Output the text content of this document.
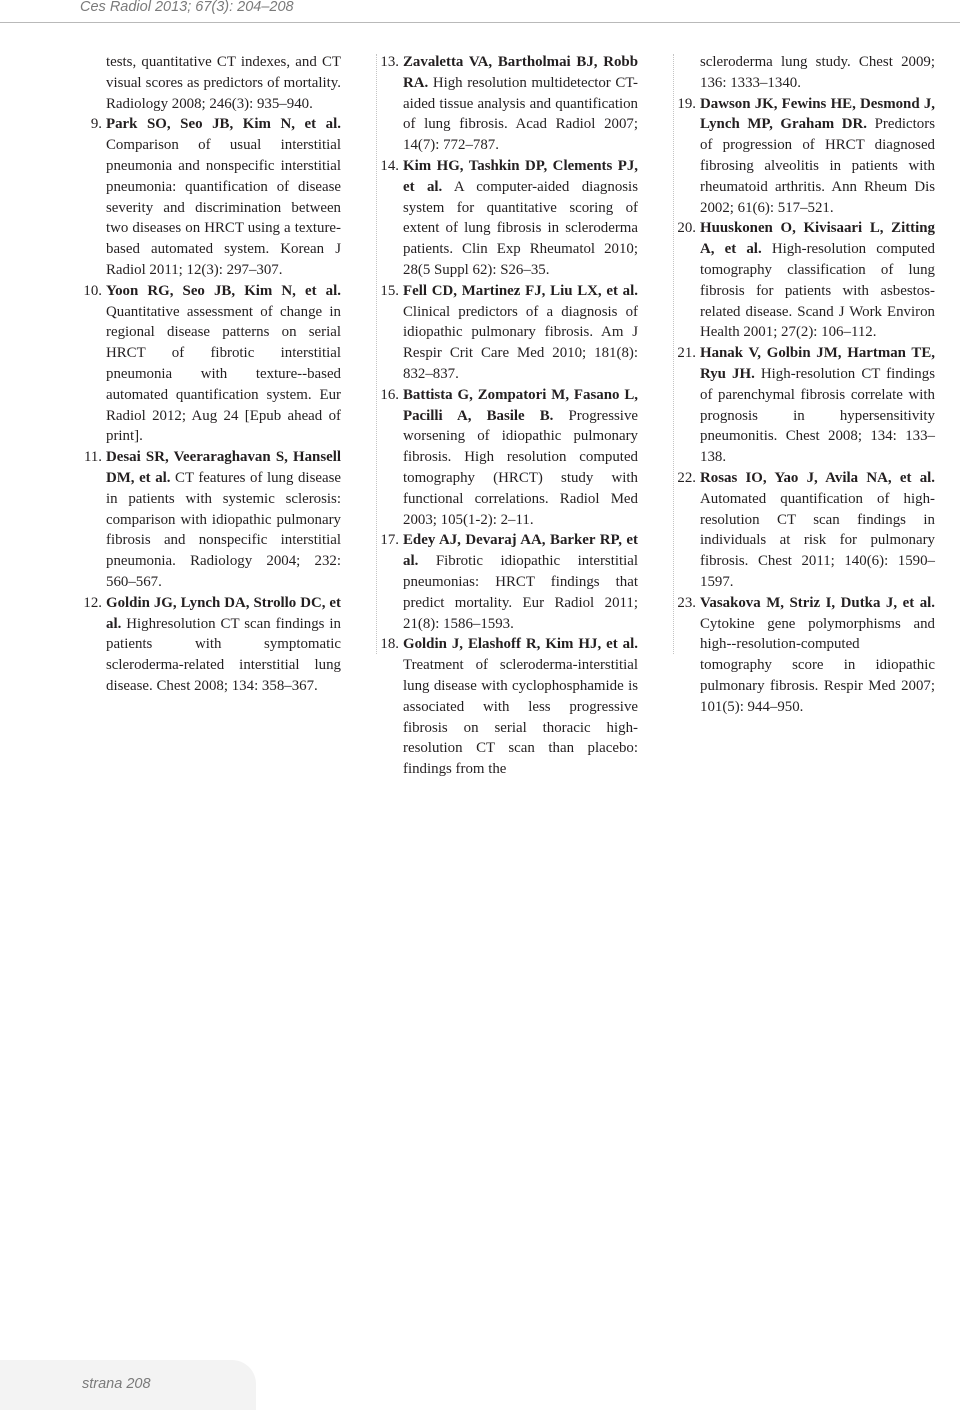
Ces Radiol 2013; 67(3): 204–208

tests, quantitative CT indexes, and CT visual scores as predictors of mortality. Radiology 2008; 246(3): 935–940.

9. Park SO, Seo JB, Kim N, et al. Comparison of usual interstitial pneumonia and nonspecific interstitial pneumonia: quantification of disease severity and discrimination between two diseases on HRCT using a texture-based automated system. Korean J Radiol 2011; 12(3): 297–307.

10. Yoon RG, Seo JB, Kim N, et al. Quantitative assessment of change in regional disease patterns on serial HRCT of fibrotic interstitial pneumonia with texture--based automated quantification system. Eur Radiol 2012; Aug 24 [Epub ahead of print].

11. Desai SR, Veeraraghavan S, Hansell DM, et al. CT features of lung disease in patients with systemic sclerosis: comparison with idiopathic pulmonary fibrosis and nonspecific interstitial pneumonia. Radiology 2004; 232: 560–567.

12. Goldin JG, Lynch DA, Strollo DC, et al. Highresolution CT scan findings in patients with symptomatic scleroderma-related interstitial lung disease. Chest 2008; 134: 358–367.

13. Zavaletta VA, Bartholmai BJ, Robb RA. High resolution multidetector CT-aided tissue analysis and quantification of lung fibrosis. Acad Radiol 2007; 14(7): 772–787.

14. Kim HG, Tashkin DP, Clements PJ, et al. A computer-aided diagnosis system for quantitative scoring of extent of lung fibrosis in scleroderma patients. Clin Exp Rheumatol 2010; 28(5 Suppl 62): S26–35.

15. Fell CD, Martinez FJ, Liu LX, et al. Clinical predictors of a diagnosis of idiopathic pulmonary fibrosis. Am J Respir Crit Care Med 2010; 181(8): 832–837.

16. Battista G, Zompatori M, Fasano L, Pacilli A, Basile B. Progressive worsening of idiopathic pulmonary fibrosis. High resolution computed tomography (HRCT) study with functional correlations. Radiol Med 2003; 105(1-2): 2–11.

17. Edey AJ, Devaraj AA, Barker RP, et al. Fibrotic idiopathic interstitial pneumonias: HRCT findings that predict mortality. Eur Radiol 2011; 21(8): 1586–1593.

18. Goldin J, Elashoff R, Kim HJ, et al. Treatment of scleroderma-interstitial lung disease with cyclophosphamide is associated with less progressive fibrosis on serial thoracic high-resolution CT scan than placebo: findings from the

scleroderma lung study. Chest 2009; 136: 1333–1340.

19. Dawson JK, Fewins HE, Desmond J, Lynch MP, Graham DR. Predictors of progression of HRCT diagnosed fibrosing alveolitis in patients with rheumatoid arthritis. Ann Rheum Dis 2002; 61(6): 517–521.

20. Huuskonen O, Kivisaari L, Zitting A, et al. High-resolution computed tomography classification of lung fibrosis for patients with asbestos-related disease. Scand J Work Environ Health 2001; 27(2): 106–112.

21. Hanak V, Golbin JM, Hartman TE, Ryu JH. High-resolution CT findings of parenchymal fibrosis correlate with prognosis in hypersensitivity pneumonitis. Chest 2008; 134: 133–138.

22. Rosas IO, Yao J, Avila NA, et al. Automated quantification of high-resolution CT scan findings in individuals at risk for pulmonary fibrosis. Chest 2011; 140(6): 1590–1597.

23. Vasakova M, Striz I, Dutka J, et al. Cytokine gene polymorphisms and high--resolution-computed tomography score in idiopathic pulmonary fibrosis. Respir Med 2007; 101(5): 944–950.

strana 208
